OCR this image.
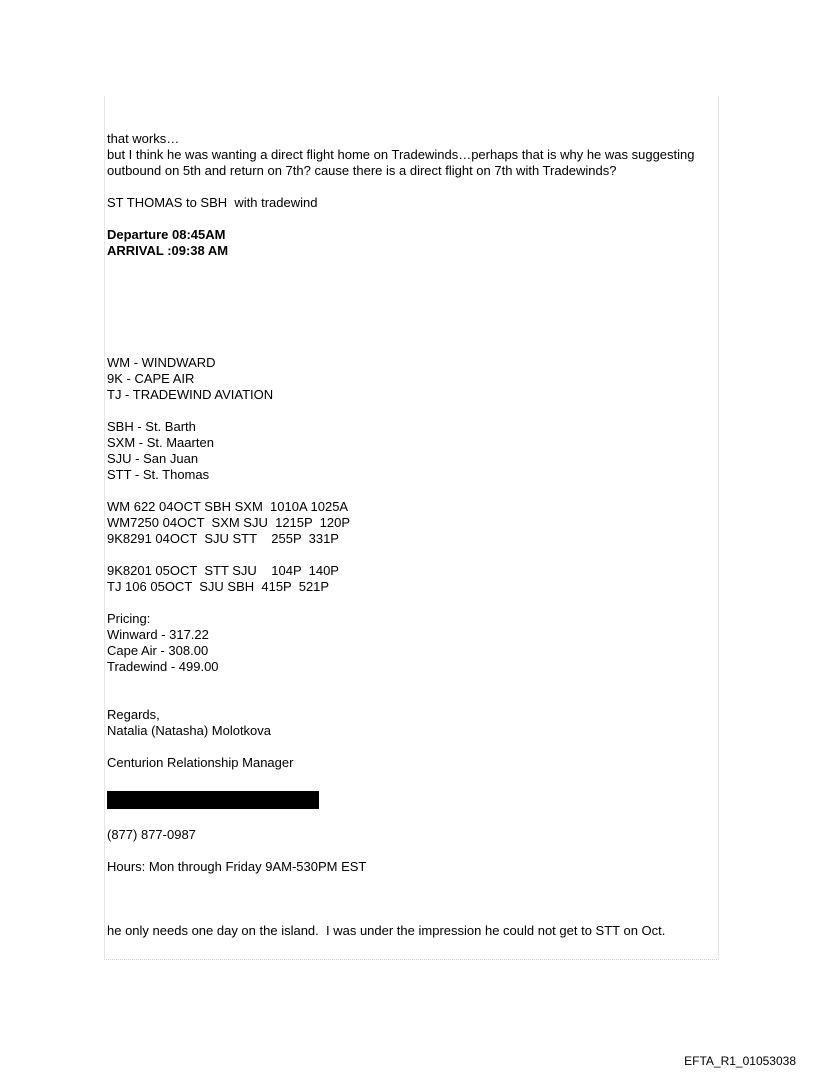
that works…
but I think he was wanting a direct flight home on Tradewinds…perhaps that is why he was suggesting outbound on 5th and return on 7th? cause there is a direct flight on 7th with Tradewinds?
ST THOMAS to SBH  with tradewind
Departure 08:45AM
ARRIVAL :09:38 AM
WM - WINDWARD
9K - CAPE AIR
TJ - TRADEWIND AVIATION
SBH - St. Barth
SXM - St. Maarten
SJU - San Juan
STT - St. Thomas
WM 622 04OCT SBH SXM  1010A 1025A
WM7250 04OCT  SXM SJU  1215P  120P
9K8291 04OCT  SJU STT    255P  331P
9K8201 05OCT  STT SJU    104P  140P
TJ 106 05OCT  SJU SBH  415P  521P
Pricing:
Winward - 317.22
Cape Air - 308.00
Tradewind - 499.00
Regards,
Natalia (Natasha) Molotkova
Centurion Relationship Manager
(877) 877-0987
Hours: Mon through Friday 9AM-530PM EST
he only needs one day on the island.  I was under the impression he could not get to STT on Oct.
EFTA_R1_01053038
